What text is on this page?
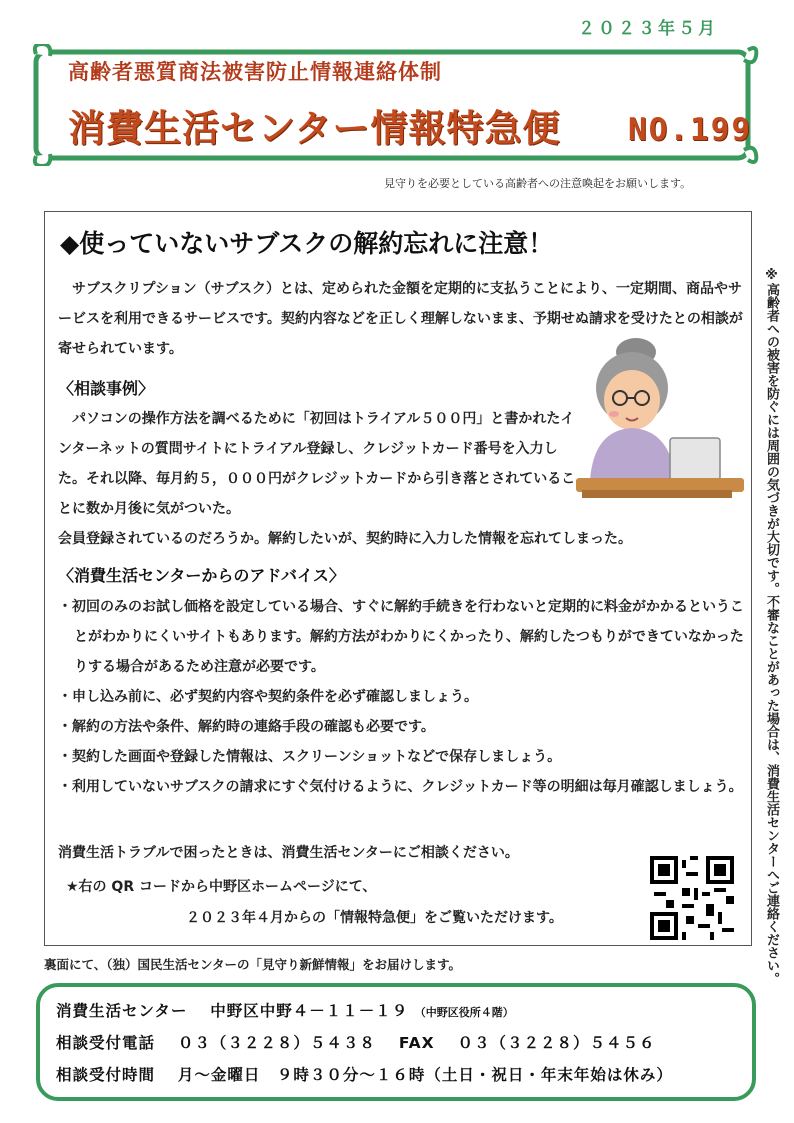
２０２３年５月
高齢者悪質商法被害防止情報連絡体制
消費生活センター情報特急便	NO.199
見守りを必要としている高齢者への注意喚起をお願いします。
◆使っていないサブスクの解約忘れに注意！
サブスクリプション（サブスク）とは、定められた金額を定期的に支払うことにより、一定期間、商品やサービスを利用できるサービスです。契約内容などを正しく理解しないまま、予期せぬ請求を受けたとの相談が寄せられています。
〈相談事例〉
パソコンの操作方法を調べるために「初回はトライアル５００円」と書かれたインターネットの質問サイトにトライアル登録し、クレジットカード番号を入力した。それ以降、毎月約５，０００円がクレジットカードから引き落とされていることに数か月後に気がついた。
会員登録されているのだろうか。解約したいが、契約時に入力した情報を忘れてしまった。
〈消費生活センターからのアドバイス〉
・ 初回のみのお試し価格を設定している場合、すぐに解約手続きを行わないと定期的に料金がかかるということがわかりにくいサイトもあります。解約方法がわかりにくかったり、解約したつもりができていなかったりする場合があるため注意が必要です。
・ 申し込み前に、必ず契約内容や契約条件を必ず確認しましょう。
・ 解約の方法や条件、解約時の連絡手段の確認も必要です。
・ 契約した画面や登録した情報は、スクリーンショットなどで保存しましょう。
・ 利用していないサブスクの請求にすぐ気付けるように、クレジットカード等の明細は毎月確認しましょう。
消費生活トラブルで困ったときは、消費生活センターにご相談ください。
★右の QR コードから中野区ホームページにて、
２０２３年４月からの「情報特急便」をご覧いただけます。	※高齢者への被害を防ぐには周囲の気づきが大切です。不審なことがあった場合は、消費生活センターへご連絡ください。
裏面にて、（独）国民生活センターの「見守り新鮮情報」をお届けします。
消費生活センター　 中野区中野４－１１－１９ （中野区役所４階）
相談受付電話　 ０３（３２２８）５４３８　 FAX　 ０３（３２２８）５４５６
相談受付時間　 月～金曜日　９時３０分～１６時（土日・祝日・年末年始は休み）
